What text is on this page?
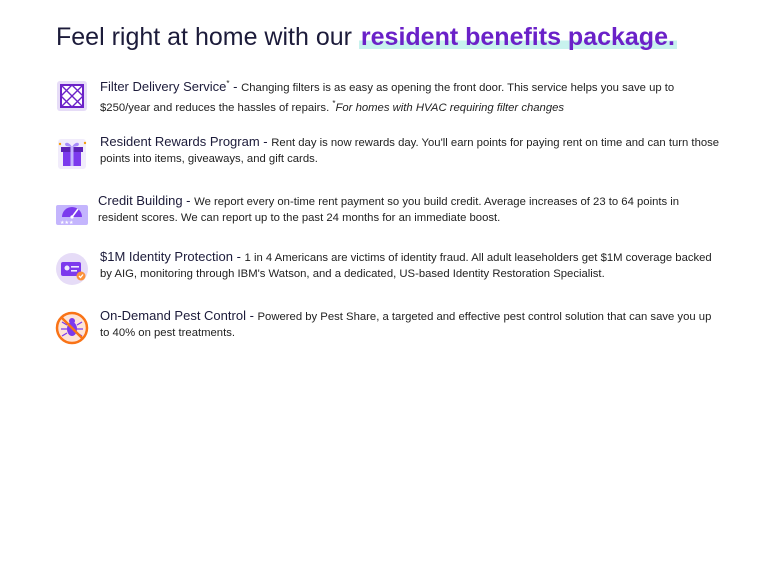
Feel right at home with our resident benefits package.
Filter Delivery Service* - Changing filters is as easy as opening the front door. This service helps you save up to $250/year and reduces the hassles of repairs. *For homes with HVAC requiring filter changes
Resident Rewards Program - Rent day is now rewards day. You'll earn points for paying rent on time and can turn those points into items, giveaways, and gift cards.
★★★
Credit Building - We report every on-time rent payment so you build credit. Average increases of 23 to 64 points in resident scores. We can report up to the past 24 months for an immediate boost.
$1M Identity Protection - 1 in 4 Americans are victims of identity fraud. All adult leaseholders get $1M coverage backed by AIG, monitoring through IBM's Watson, and a dedicated, US-based Identity Restoration Specialist.
On-Demand Pest Control - Powered by Pest Share, a targeted and effective pest control solution that can save you up to 40% on pest treatments.
